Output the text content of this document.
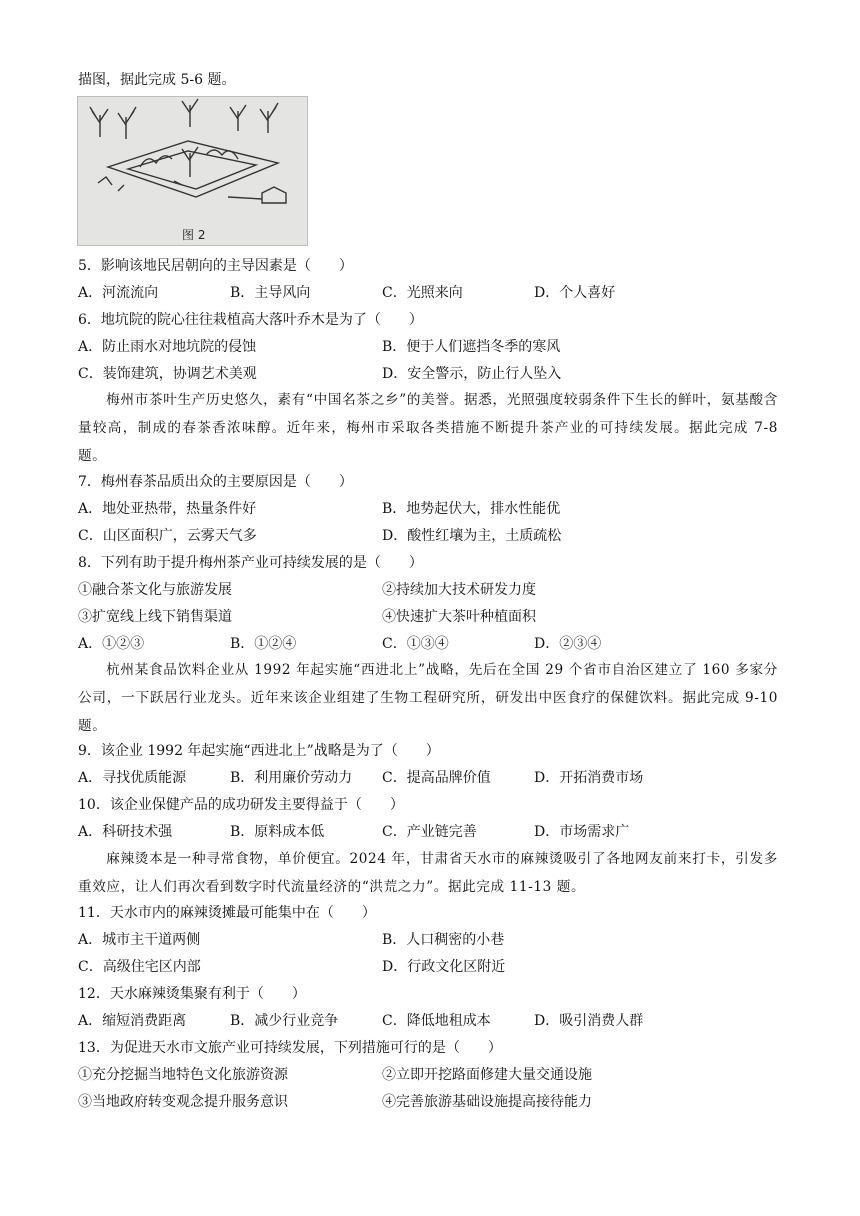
描图，据此完成 5-6 题。
图 2
5．影响该地民居朝向的主导因素是（　　）
A．河流流向	B．主导风向	C．光照来向	D．个人喜好
6．地坑院的院心往往栽植高大落叶乔木是为了（　　）
A．防止雨水对地坑院的侵蚀	B．便于人们遮挡冬季的寒风
C．装饰建筑，协调艺术美观	D．安全警示，防止行人坠入
梅州市茶叶生产历史悠久，素有“中国名茶之乡”的美誉。据悉，光照强度较弱条件下生长的鲜叶，氨基酸含量较高，制成的春茶香浓味醇。近年来，梅州市采取各类措施不断提升茶产业的可持续发展。据此完成 7-8 题。
7．梅州春茶品质出众的主要原因是（　　）
A．地处亚热带，热量条件好	B．地势起伏大，排水性能优
C．山区面积广，云雾天气多	D．酸性红壤为主，土质疏松
8．下列有助于提升梅州茶产业可持续发展的是（　　）
①融合茶文化与旅游发展	②持续加大技术研发力度
③扩宽线上线下销售渠道	④快速扩大茶叶种植面积
A．①②③	B．①②④	C．①③④	D．②③④
杭州某食品饮料企业从 1992 年起实施“西进北上”战略，先后在全国 29 个省市自治区建立了 160 多家分公司，一下跃居行业龙头。近年来该企业组建了生物工程研究所，研发出中医食疗的保健饮料。据此完成 9-10 题。
9．该企业 1992 年起实施“西进北上”战略是为了（　　）
A．寻找优质能源	B．利用廉价劳动力 C．提高品牌价值	D．开拓消费市场
10．该企业保健产品的成功研发主要得益于（　　）
A．科研技术强	B．原料成本低	C．产业链完善	D．市场需求广
麻辣烫本是一种寻常食物，单价便宜。2024 年，甘肃省天水市的麻辣烫吸引了各地网友前来打卡，引发多重效应，让人们再次看到数字时代流量经济的“洪荒之力”。据此完成 11-13 题。
11．天水市内的麻辣烫摊最可能集中在（　　）
A．城市主干道两侧	B．人口稠密的小巷
C．高级住宅区内部	D．行政文化区附近
12．天水麻辣烫集聚有利于（　　）
A．缩短消费距离	B．减少行业竞争	C．降低地租成本	D．吸引消费人群
13．为促进天水市文旅产业可持续发展，下列措施可行的是（　　）
①充分挖掘当地特色文化旅游资源	②立即开挖路面修建大量交通设施
③当地政府转变观念提升服务意识	④完善旅游基础设施提高接待能力
